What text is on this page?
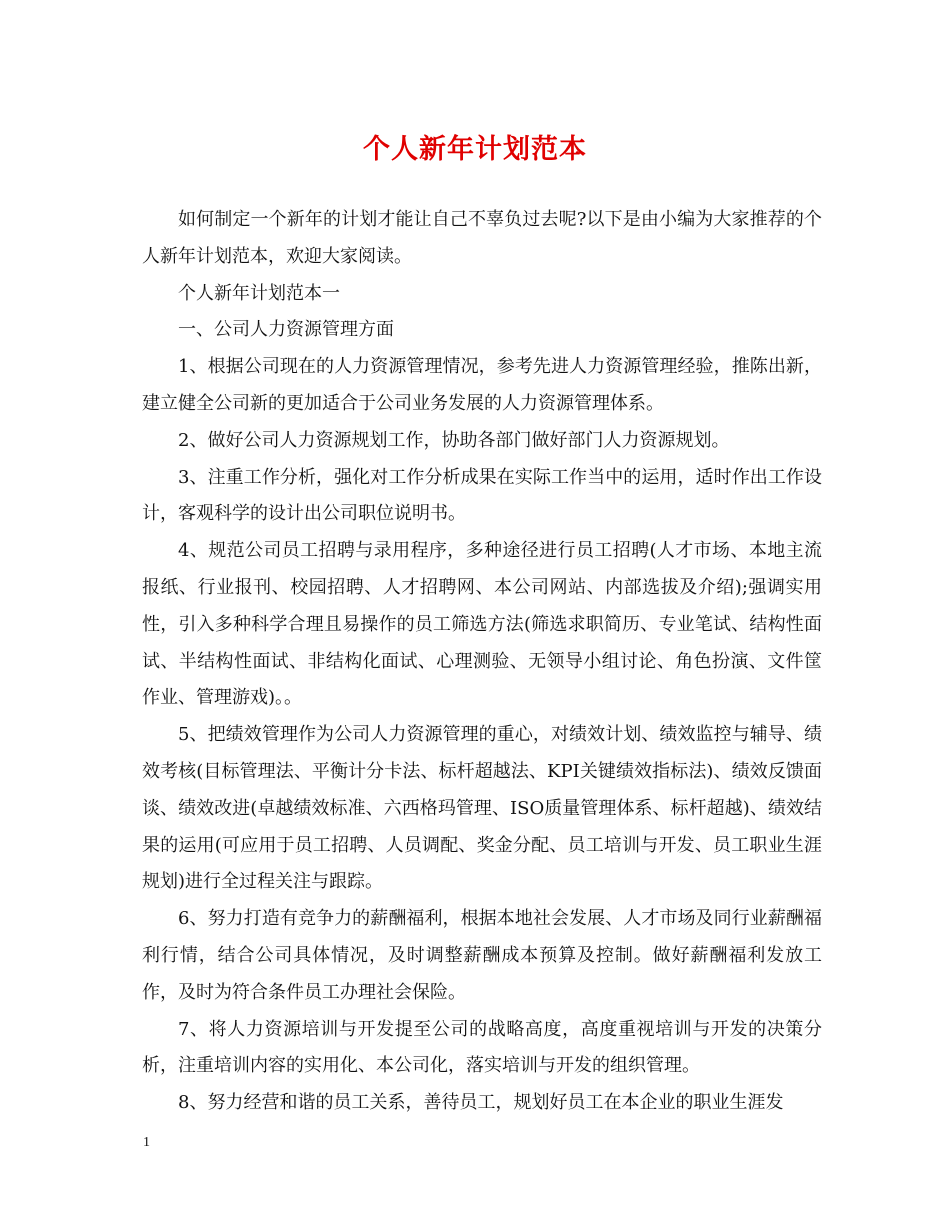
个人新年计划范本

如何制定一个新年的计划才能让自己不辜负过去呢?以下是由小编为大家推荐的个人新年计划范本，欢迎大家阅读。

个人新年计划范本一

一、公司人力资源管理方面

1、根据公司现在的人力资源管理情况，参考先进人力资源管理经验，推陈出新，建立健全公司新的更加适合于公司业务发展的人力资源管理体系。

2、做好公司人力资源规划工作，协助各部门做好部门人力资源规划。

3、注重工作分析，强化对工作分析成果在实际工作当中的运用，适时作出工作设计，客观科学的设计出公司职位说明书。

4、规范公司员工招聘与录用程序，多种途径进行员工招聘(人才市场、本地主流报纸、行业报刊、校园招聘、人才招聘网、本公司网站、内部选拔及介绍);强调实用性，引入多种科学合理且易操作的员工筛选方法(筛选求职简历、专业笔试、结构性面试、半结构性面试、非结构化面试、心理测验、无领导小组讨论、角色扮演、文件筐作业、管理游戏)。。

5、把绩效管理作为公司人力资源管理的重心，对绩效计划、绩效监控与辅导、绩效考核(目标管理法、平衡计分卡法、标杆超越法、KPI关键绩效指标法)、绩效反馈面谈、绩效改进(卓越绩效标准、六西格玛管理、ISO质量管理体系、标杆超越)、绩效结果的运用(可应用于员工招聘、人员调配、奖金分配、员工培训与开发、员工职业生涯规划)进行全过程关注与跟踪。

6、努力打造有竞争力的薪酬福利，根据本地社会发展、人才市场及同行业薪酬福利行情，结合公司具体情况，及时调整薪酬成本预算及控制。做好薪酬福利发放工作，及时为符合条件员工办理社会保险。

7、将人力资源培训与开发提至公司的战略高度，高度重视培训与开发的决策分析，注重培训内容的实用化、本公司化，落实培训与开发的组织管理。

8、努力经营和谐的员工关系，善待员工，规划好员工在本企业的职业生涯发

1
